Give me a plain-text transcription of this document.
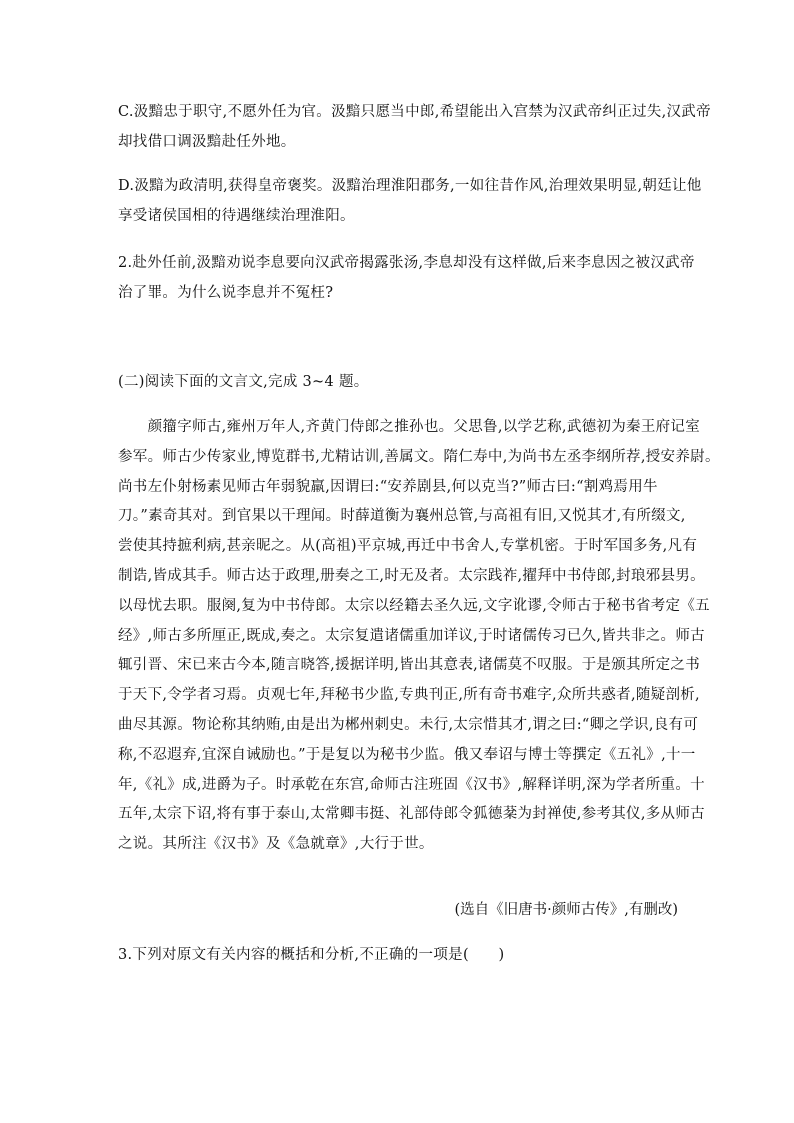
C.汲黯忠于职守,不愿外任为官。汲黯只愿当中郎,希望能出入宫禁为汉武帝纠正过失,汉武帝
却找借口调汲黯赴任外地。
D.汲黯为政清明,获得皇帝褒奖。汲黯治理淮阳郡务,一如往昔作风,治理效果明显,朝廷让他
享受诸侯国相的待遇继续治理淮阳。
2.赴外任前,汲黯劝说李息要向汉武帝揭露张汤,李息却没有这样做,后来李息因之被汉武帝
治了罪。为什么说李息并不冤枉?
(二)阅读下面的文言文,完成 3~4 题。
　　颜籀字师古,雍州万年人,齐黄门侍郎之推孙也。父思鲁,以学艺称,武德初为秦王府记室
参军。师古少传家业,博览群书,尤精诂训,善属文。隋仁寿中,为尚书左丞李纲所荐,授安养尉。
尚书左仆射杨素见师古年弱貌羸,因谓曰:“安养剧县,何以克当?”师古曰:“割鸡焉用牛
刀。”素奇其对。到官果以干理闻。时薛道衡为襄州总管,与高祖有旧,又悦其才,有所缀文,
尝使其持摭利病,甚亲昵之。从(高祖)平京城,再迁中书舍人,专掌机密。于时军国多务,凡有
制诰,皆成其手。师古达于政理,册奏之工,时无及者。太宗践祚,擢拜中书侍郎,封琅邪县男。
以母忧去职。服阕,复为中书侍郎。太宗以经籍去圣久远,文字讹谬,令师古于秘书省考定《五
经》,师古多所厘正,既成,奏之。太宗复遣诸儒重加详议,于时诸儒传习已久,皆共非之。师古
辄引晋、宋已来古今本,随言晓答,援据详明,皆出其意表,诸儒莫不叹服。于是颁其所定之书
于天下,令学者习焉。贞观七年,拜秘书少监,专典刊正,所有奇书难字,众所共惑者,随疑剖析,
曲尽其源。物论称其纳贿,由是出为郴州刺史。未行,太宗惜其才,谓之曰:“卿之学识,良有可
称,不忍遐弃,宜深自诫励也。”于是复以为秘书少监。俄又奉诏与博士等撰定《五礼》,十一
年,《礼》成,进爵为子。时承乾在东宫,命师古注班固《汉书》,解释详明,深为学者所重。十
五年,太宗下诏,将有事于泰山,太常卿韦挺、礼部侍郎令狐德棻为封禅使,参考其仪,多从师古
之说。其所注《汉书》及《急就章》,大行于世。
(选自《旧唐书·颜师古传》,有删改)
3.下列对原文有关内容的概括和分析,不正确的一项是(　　)
